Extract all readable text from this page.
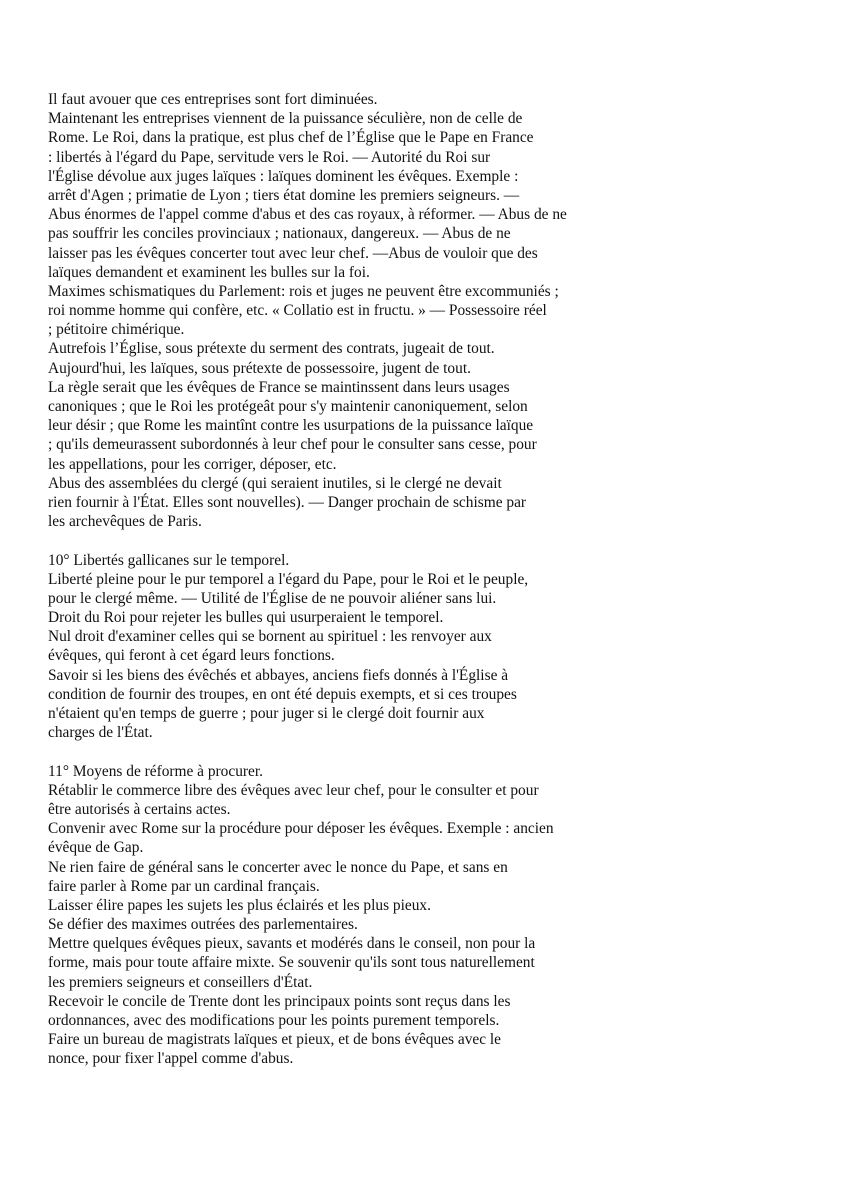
Il faut avouer que ces entreprises sont fort diminuées.
Maintenant les entreprises viennent de la puissance séculière, non de celle de
Rome. Le Roi, dans la pratique, est plus chef de l’Église que le Pape en France
: libertés à l'égard du Pape, servitude vers le Roi. — Autorité du Roi sur
l'Église dévolue aux juges laïques : laïques dominent les évêques. Exemple :
arrêt d'Agen ; primatie de Lyon ; tiers état domine les premiers seigneurs. —
Abus énormes de l'appel comme d'abus et des cas royaux, à réformer. — Abus de ne
pas souffrir les conciles provinciaux ; nationaux, dangereux. — Abus de ne
laisser pas les évêques concerter tout avec leur chef. —Abus de vouloir que des
laïques demandent et examinent les bulles sur la foi.
Maximes schismatiques du Parlement: rois et juges ne peuvent être excommuniés ;
roi nomme homme qui confère, etc. « Collatio est in fructu. » — Possessoire réel
; pétitoire chimérique.
Autrefois l’Église, sous prétexte du serment des contrats, jugeait de tout.
Aujourd'hui, les laïques, sous prétexte de possessoire, jugent de tout.
La règle serait que les évêques de France se maintinssent dans leurs usages
canoniques ; que le Roi les protégeât pour s'y maintenir canoniquement, selon
leur désir ; que Rome les maintînt contre les usurpations de la puissance laïque
; qu'ils demeurassent subordonnés à leur chef pour le consulter sans cesse, pour
les appellations, pour les corriger, déposer, etc.
Abus des assemblées du clergé (qui seraient inutiles, si le clergé ne devait
rien fournir à l'État. Elles sont nouvelles). — Danger prochain de schisme par
les archevêques de Paris.
10° Libertés gallicanes sur le temporel.
Liberté pleine pour le pur temporel a l'égard du Pape, pour le Roi et le peuple,
pour le clergé même. — Utilité de l'Église de ne pouvoir aliéner sans lui.
Droit du Roi pour rejeter les bulles qui usurperaient le temporel.
Nul droit d'examiner celles qui se bornent au spirituel : les renvoyer aux
évêques, qui feront à cet égard leurs fonctions.
Savoir si les biens des évêchés et abbayes, anciens fiefs donnés à l'Église à
condition de fournir des troupes, en ont été depuis exempts, et si ces troupes
n'étaient qu'en temps de guerre ; pour juger si le clergé doit fournir aux
charges de l'État.
11° Moyens de réforme à procurer.
Rétablir le commerce libre des évêques avec leur chef, pour le consulter et pour
être autorisés à certains actes.
Convenir avec Rome sur la procédure pour déposer les évêques. Exemple : ancien
évêque de Gap.
Ne rien faire de général sans le concerter avec le nonce du Pape, et sans en
faire parler à Rome par un cardinal français.
Laisser élire papes les sujets les plus éclairés et les plus pieux.
Se défier des maximes outrées des parlementaires.
Mettre quelques évêques pieux, savants et modérés dans le conseil, non pour la
forme, mais pour toute affaire mixte. Se souvenir qu'ils sont tous naturellement
les premiers seigneurs et conseillers d'État.
Recevoir le concile de Trente dont les principaux points sont reçus dans les
ordonnances, avec des modifications pour les points purement temporels.
Faire un bureau de magistrats laïques et pieux, et de bons évêques avec le
nonce, pour fixer l'appel comme d'abus.
